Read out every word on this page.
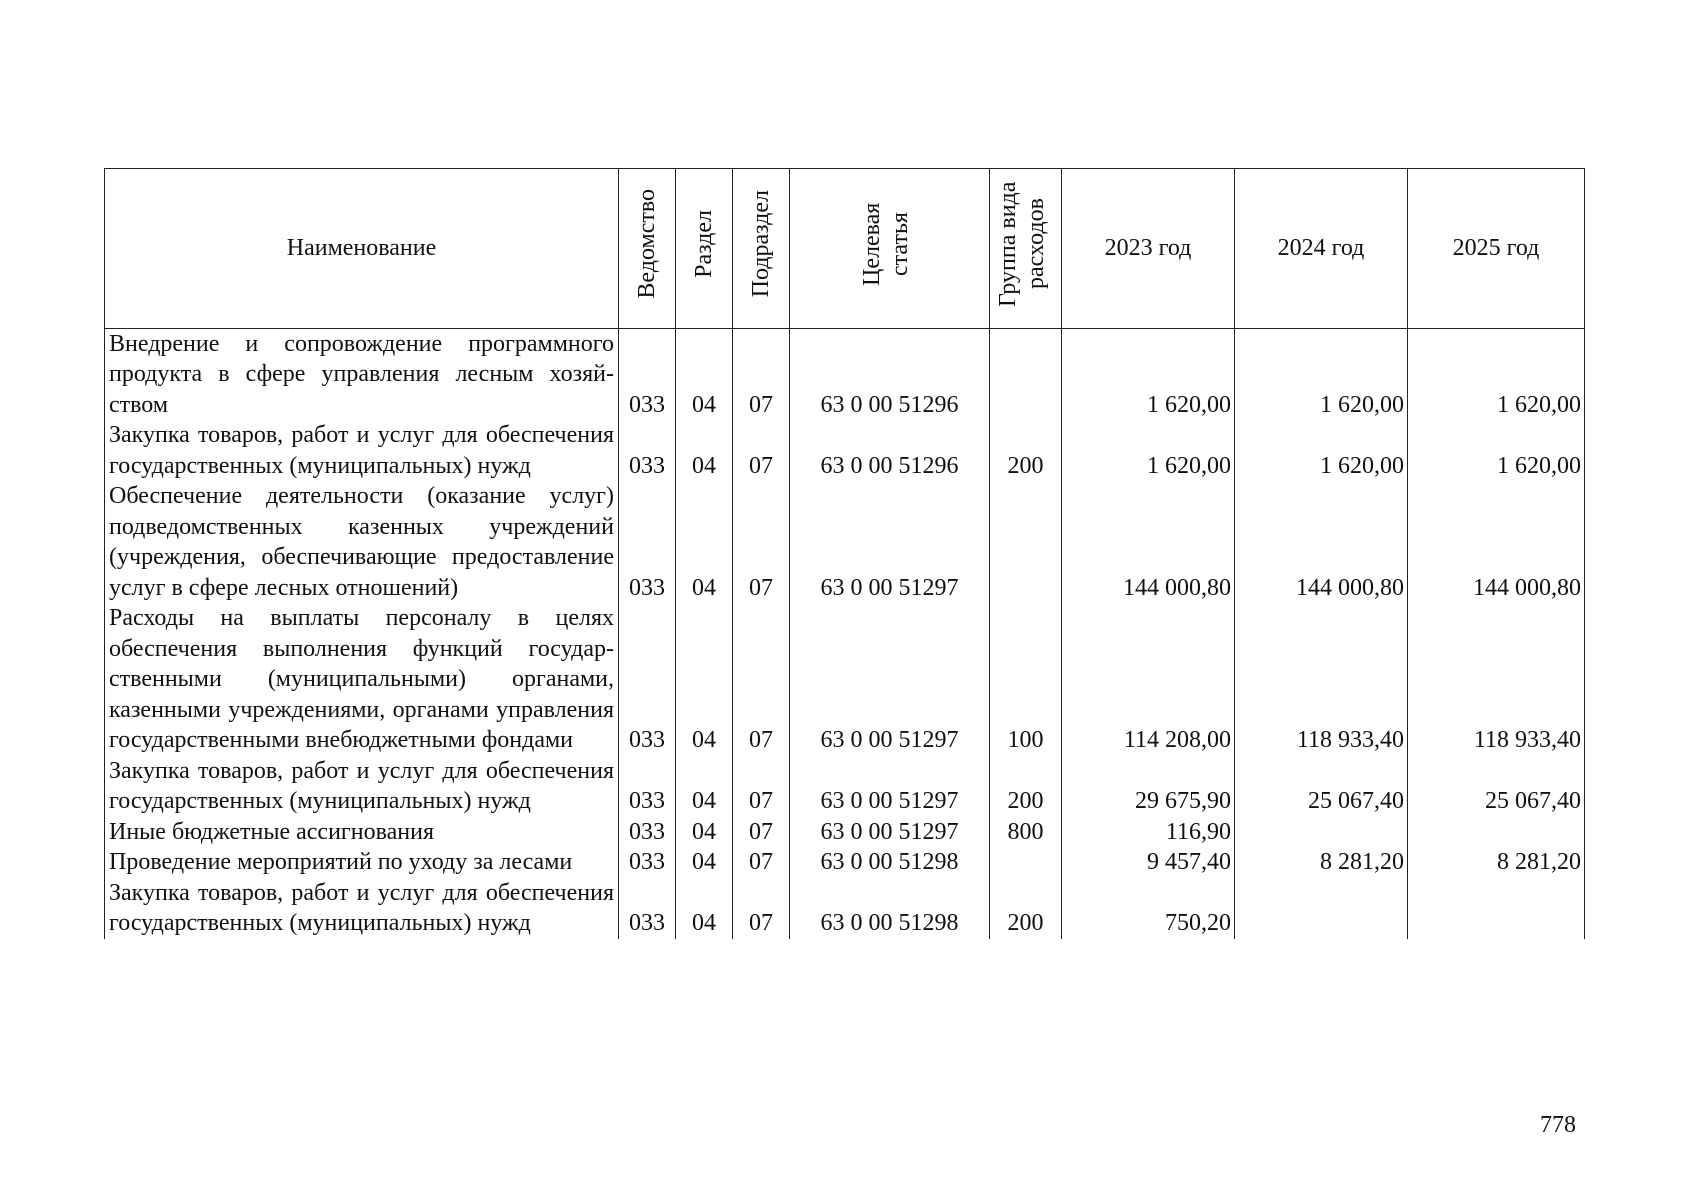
Наименование	Ведомство	Раздел	Подраздел	Целевая статья	Группа вида расходов	2023 год	2024 год	2025 год
Внедрение и сопровождение программного продукта в сфере управления лесным хозяйством	033	04	07	63 0 00 51296		1 620,00	1 620,00	1 620,00
Закупка товаров, работ и услуг для обеспечения государственных (муниципальных) нужд	033	04	07	63 0 00 51296	200	1 620,00	1 620,00	1 620,00
Обеспечение деятельности (оказание услуг) подведомственных казенных учреждений (учреждения, обеспечивающие предоставление услуг в сфере лесных отношений)	033	04	07	63 0 00 51297		144 000,80	144 000,80	144 000,80
Расходы на выплаты персоналу в целях обеспечения выполнения функций государственными (муниципальными) органами, казенными учреждениями, органами управления государственными внебюджетными фондами	033	04	07	63 0 00 51297	100	114 208,00	118 933,40	118 933,40
Закупка товаров, работ и услуг для обеспечения государственных (муниципальных) нужд	033	04	07	63 0 00 51297	200	29 675,90	25 067,40	25 067,40
Иные бюджетные ассигнования	033	04	07	63 0 00 51297	800	116,90		
Проведение мероприятий по уходу за лесами	033	04	07	63 0 00 51298		9 457,40	8 281,20	8 281,20
Закупка товаров, работ и услуг для обеспечения государственных (муниципальных) нужд	033	04	07	63 0 00 51298	200	750,20		
778
